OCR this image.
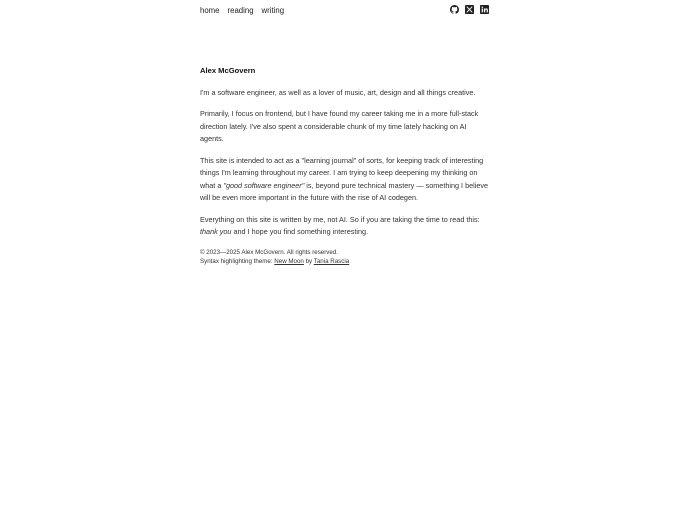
home reading writing
Alex McGovern

I'm a software engineer, as well as a lover of music, art, design and all things creative.

Primarily, I focus on frontend, but I have found my career taking me in a more full-stack direction lately. I've also spent a considerable chunk of my time lately hacking on AI agents.

This site is intended to act as a "learning journal" of sorts, for keeping track of interesting things I'm learning throughout my career. I am trying to keep deepening my thinking on what a "good software engineer" is, beyond pure technical mastery — something I believe will be even more important in the future with the rise of AI codegen.

Everything on this site is written by me, not AI. So if you are taking the time to read this: thank you and I hope you find something interesting.

© 2023—2025 Alex McGovern. All rights reserved.
Syntax highlighting theme: New Moon by Tania Rascia
